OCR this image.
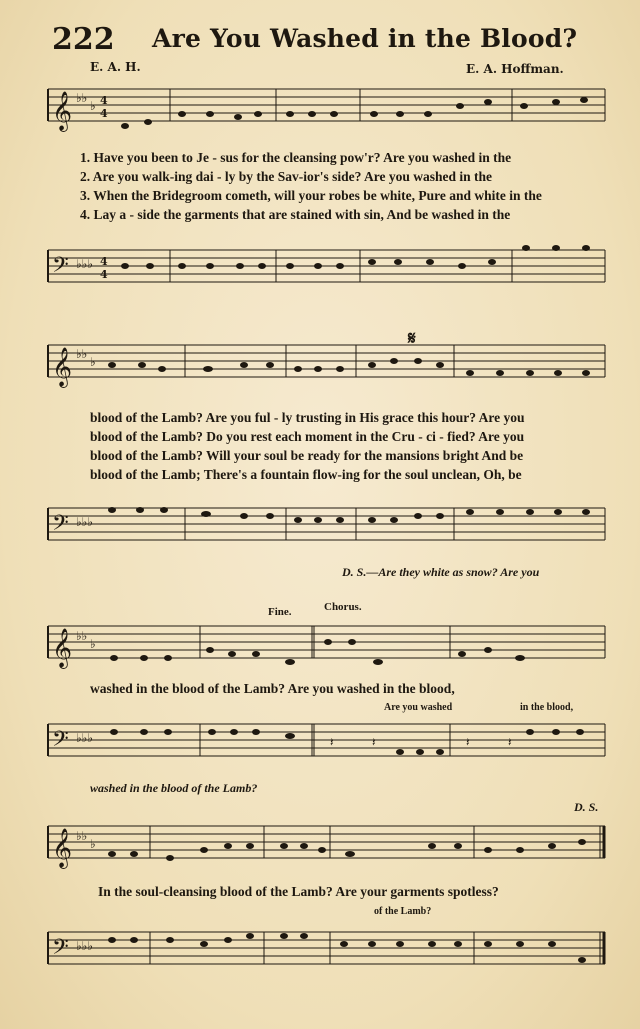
222 Are You Washed in the Blood?
E. A. H.	E. A. Hoffman.
𝄞 ♭♭
♭ 4
4
1. Have you been to Je - sus for the cleansing pow'r? Are you washed in the
2. Are you walk-ing dai - ly by the Sav-ior's side? Are you washed in the
3. When the Bridegroom cometh, will your robes be white, Pure and white in the
4. Lay a - side the garments that are stained with sin, And be washed in the
𝄢 ♭♭♭ 4
4
𝄞 ♭♭
♭
𝄋
blood of the Lamb? Are you ful - ly trusting in His grace this hour? Are you
blood of the Lamb? Do you rest each moment in the Cru - ci - fied? Are you
blood of the Lamb? Will your soul be ready for the mansions bright And be
blood of the Lamb; There's a fountain flow-ing for the soul unclean, Oh, be
𝄢 ♭♭♭
D. S.—Are they white as snow? Are you
Fine.	Chorus.
𝄞 ♭♭
♭
washed in the blood of the Lamb? Are you washed in the blood,
Are you washed	in the blood,
𝄢 ♭♭♭	𝄽	𝄽	𝄽	𝄽
washed in the blood of the Lamb?
D. S.
𝄞 ♭♭
♭
In the soul-cleansing blood of the Lamb? Are your garments spotless?
of the Lamb?
𝄢 ♭♭♭
